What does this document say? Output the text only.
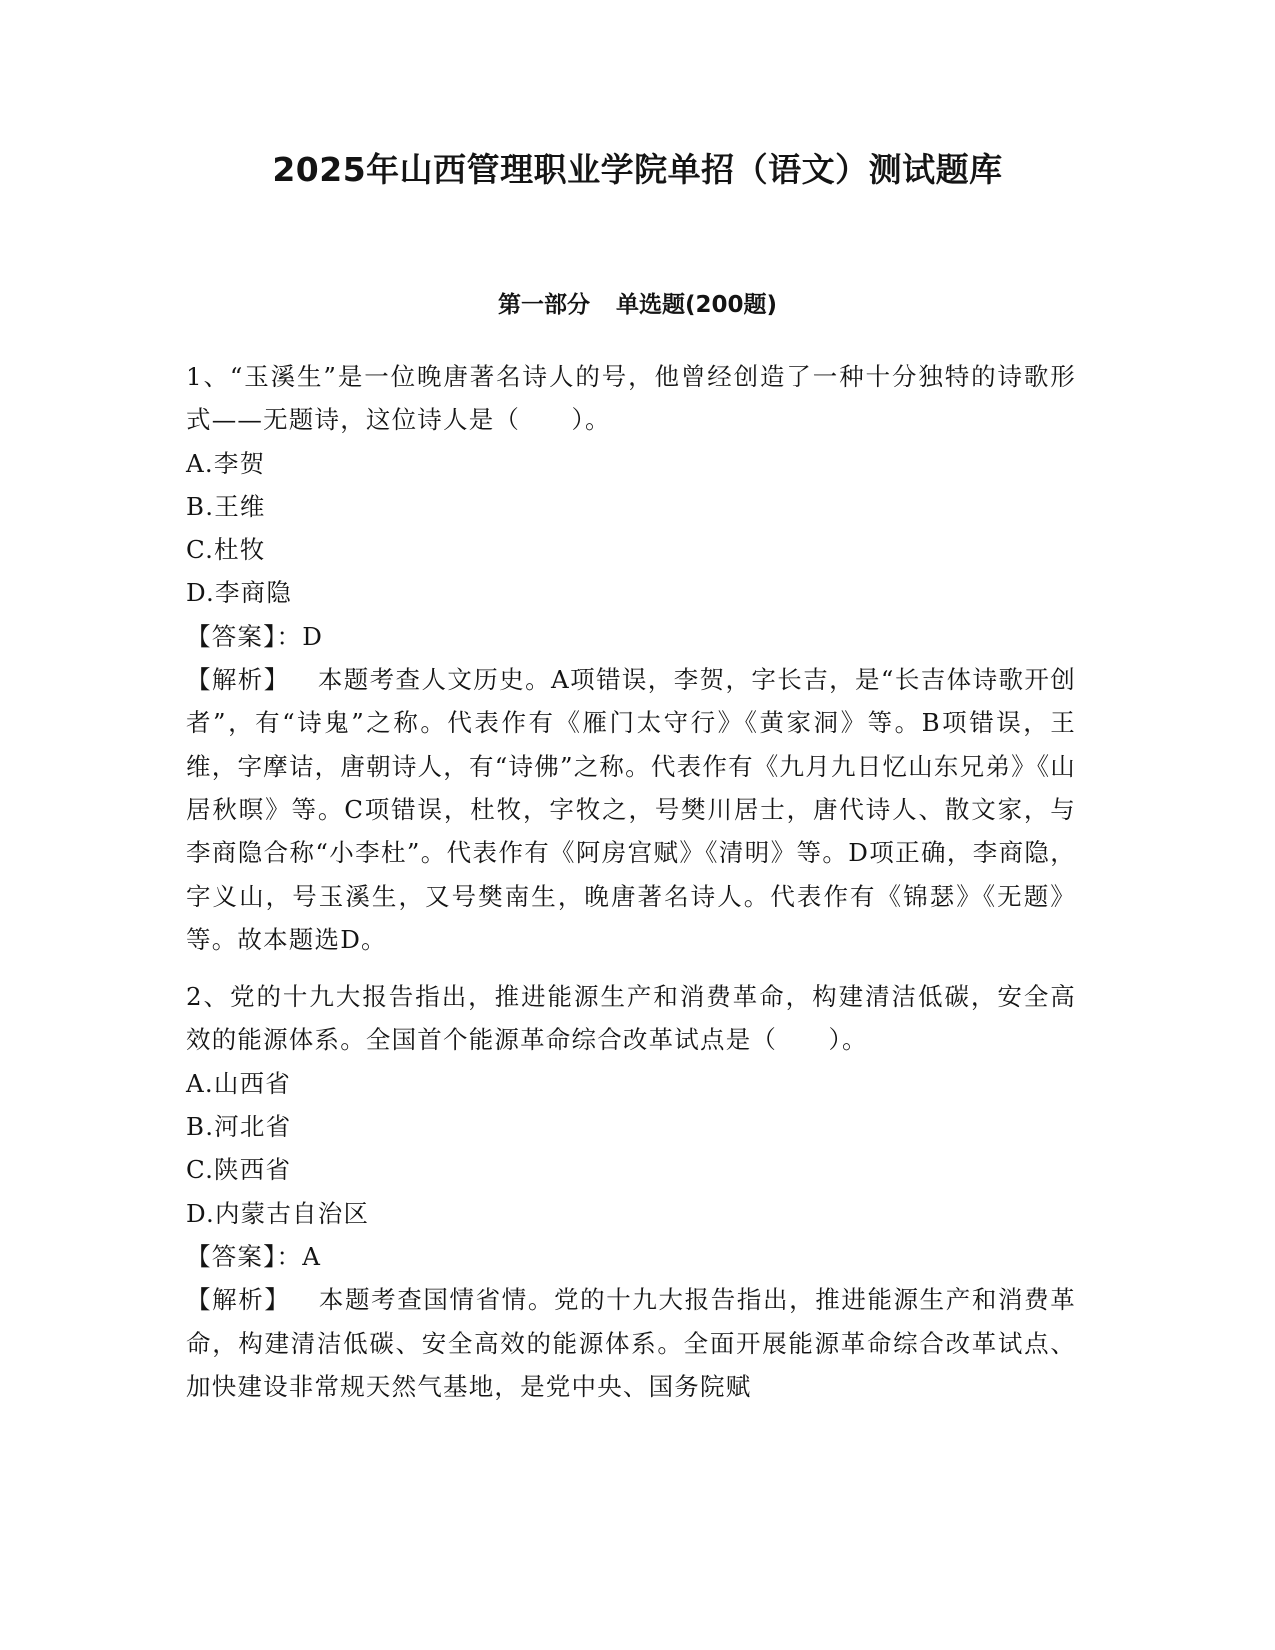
2025年山西管理职业学院单招（语文）测试题库
第一部分 单选题(200题)

1、“玉溪生”是一位晚唐著名诗人的号，他曾经创造了一种十分独特的诗歌形式——无题诗，这位诗人是（　　）。

A.李贺

B.王维

C.杜牧

D.李商隐

【答案】：D

【解析】 本题考查人文历史。A项错误，李贺，字长吉，是“长吉体诗歌开创者”，有“诗鬼”之称。代表作有《雁门太守行》《黄家洞》等。B项错误，王维，字摩诘，唐朝诗人，有“诗佛”之称。代表作有《九月九日忆山东兄弟》《山居秋暝》等。C项错误，杜牧，字牧之，号樊川居士，唐代诗人、散文家，与李商隐合称“小李杜”。代表作有《阿房宫赋》《清明》等。D项正确，李商隐，字义山，号玉溪生，又号樊南生，晚唐著名诗人。代表作有《锦瑟》《无题》等。故本题选D。

2、党的十九大报告指出，推进能源生产和消费革命，构建清洁低碳，安全高效的能源体系。全国首个能源革命综合改革试点是（　　）。

A.山西省

B.河北省

C.陕西省

D.内蒙古自治区

【答案】：A

【解析】 本题考查国情省情。党的十九大报告指出，推进能源生产和消费革命，构建清洁低碳、安全高效的能源体系。全面开展能源革命综合改革试点、加快建设非常规天然气基地，是党中央、国务院赋
